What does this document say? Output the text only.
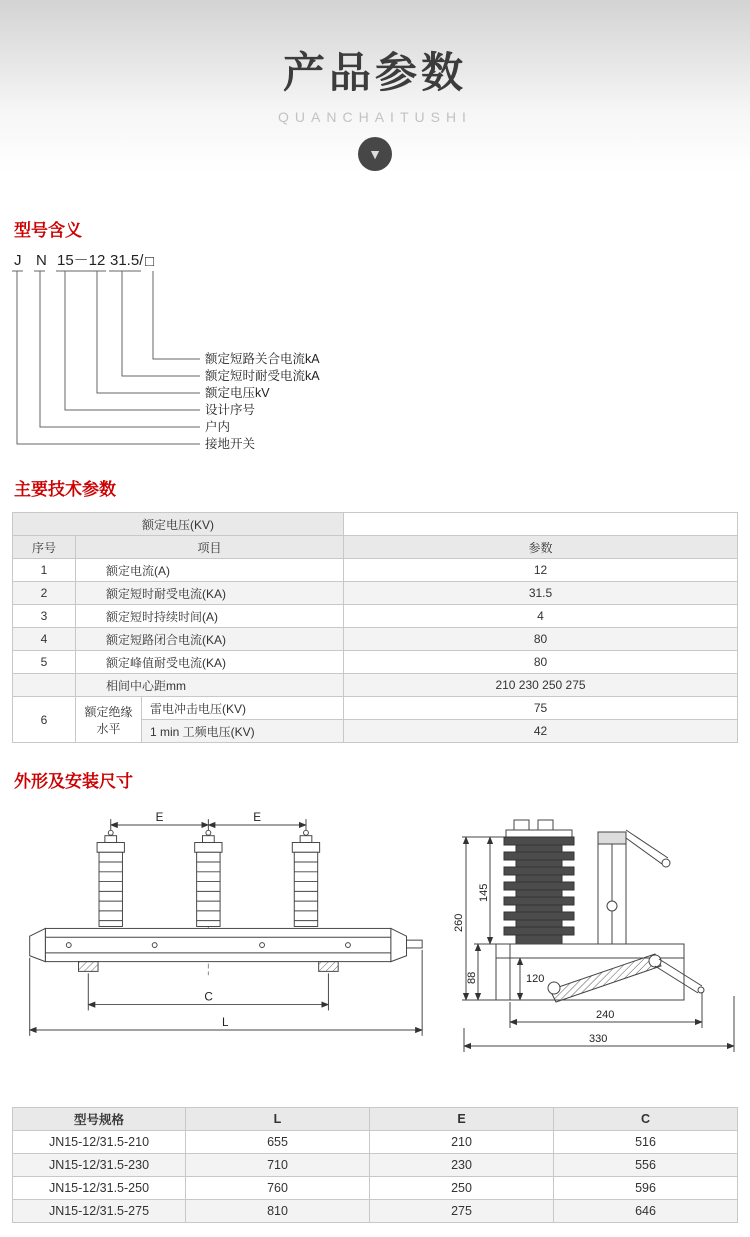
产品参数
QUANCHAITUSHI
▼
型号含义
J N 15－12 31.5/ □
额定短路关合电流kA
额定短时耐受电流kA
额定电压kV
设计序号
户内
接地开关
主要技术参数
额定电压(KV)			
序号	项目		参数
1	额定电流(A)		12
2	额定短时耐受电流(KA)		31.5
3	额定短时持续时间(A)		4
4	额定短路闭合电流(KA)		80
5	额定峰值耐受电流(KA)		80
	相间中心距mm		210 230 250 275
6	额定绝缘水平	雷电冲击电压(KV)	75
		1 min 工频电压(KV)	42
外形及安装尺寸
E	E
C
L
260
145
88	120
240
330
型号规格	L	E	C
JN15-12/31.5-210	655	210	516
JN15-12/31.5-230	710	230	556
JN15-12/31.5-250	760	250	596
JN15-12/31.5-275	810	275	646
